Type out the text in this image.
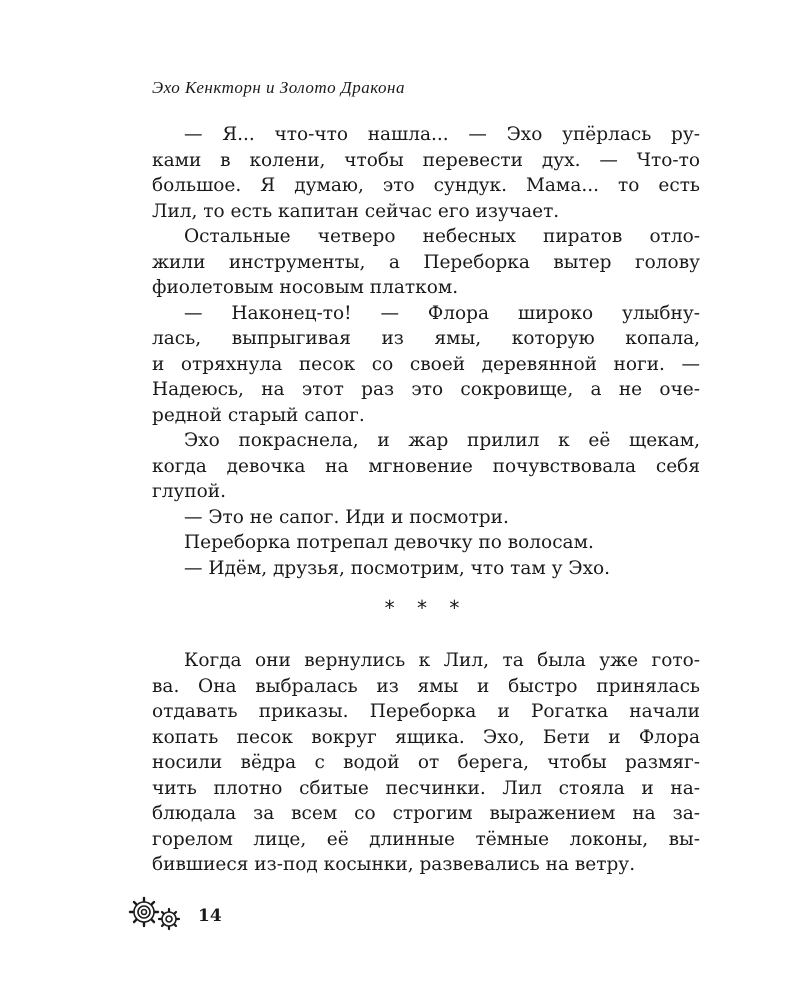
Эхо Кенкторн и Золото Дракона
— Я... что-что нашла... — Эхо упёрлась ру-
ками в колени, чтобы перевести дух. — Что-то
большое. Я думаю, это сундук. Мама... то есть
Лил, то есть капитан сейчас его изучает.
Остальные четверо небесных пиратов отло-
жили инструменты, а Переборка вытер голову
фиолетовым носовым платком.
— Наконец-то! — Флора широко улыбну-
лась, выпрыгивая из ямы, которую копала,
и отряхнула песок со своей деревянной ноги. —
Надеюсь, на этот раз это сокровище, а не оче-
редной старый сапог.
Эхо покраснела, и жар прилил к её щекам,
когда девочка на мгновение почувствовала себя
глупой.
— Это не сапог. Иди и посмотри.
Переборка потрепал девочку по волосам.
— Идём, друзья, посмотрим, что там у Эхо.
* * *
Когда они вернулись к Лил, та была уже гото-
ва. Она выбралась из ямы и быстро принялась
отдавать приказы. Переборка и Рогатка начали
копать песок вокруг ящика. Эхо, Бети и Флора
носили вёдра с водой от берега, чтобы размяг-
чить плотно сбитые песчинки. Лил стояла и на-
блюдала за всем со строгим выражением на за-
горелом лице, её длинные тёмные локоны, вы-
бившиеся из-под косынки, развевались на ветру.
14
